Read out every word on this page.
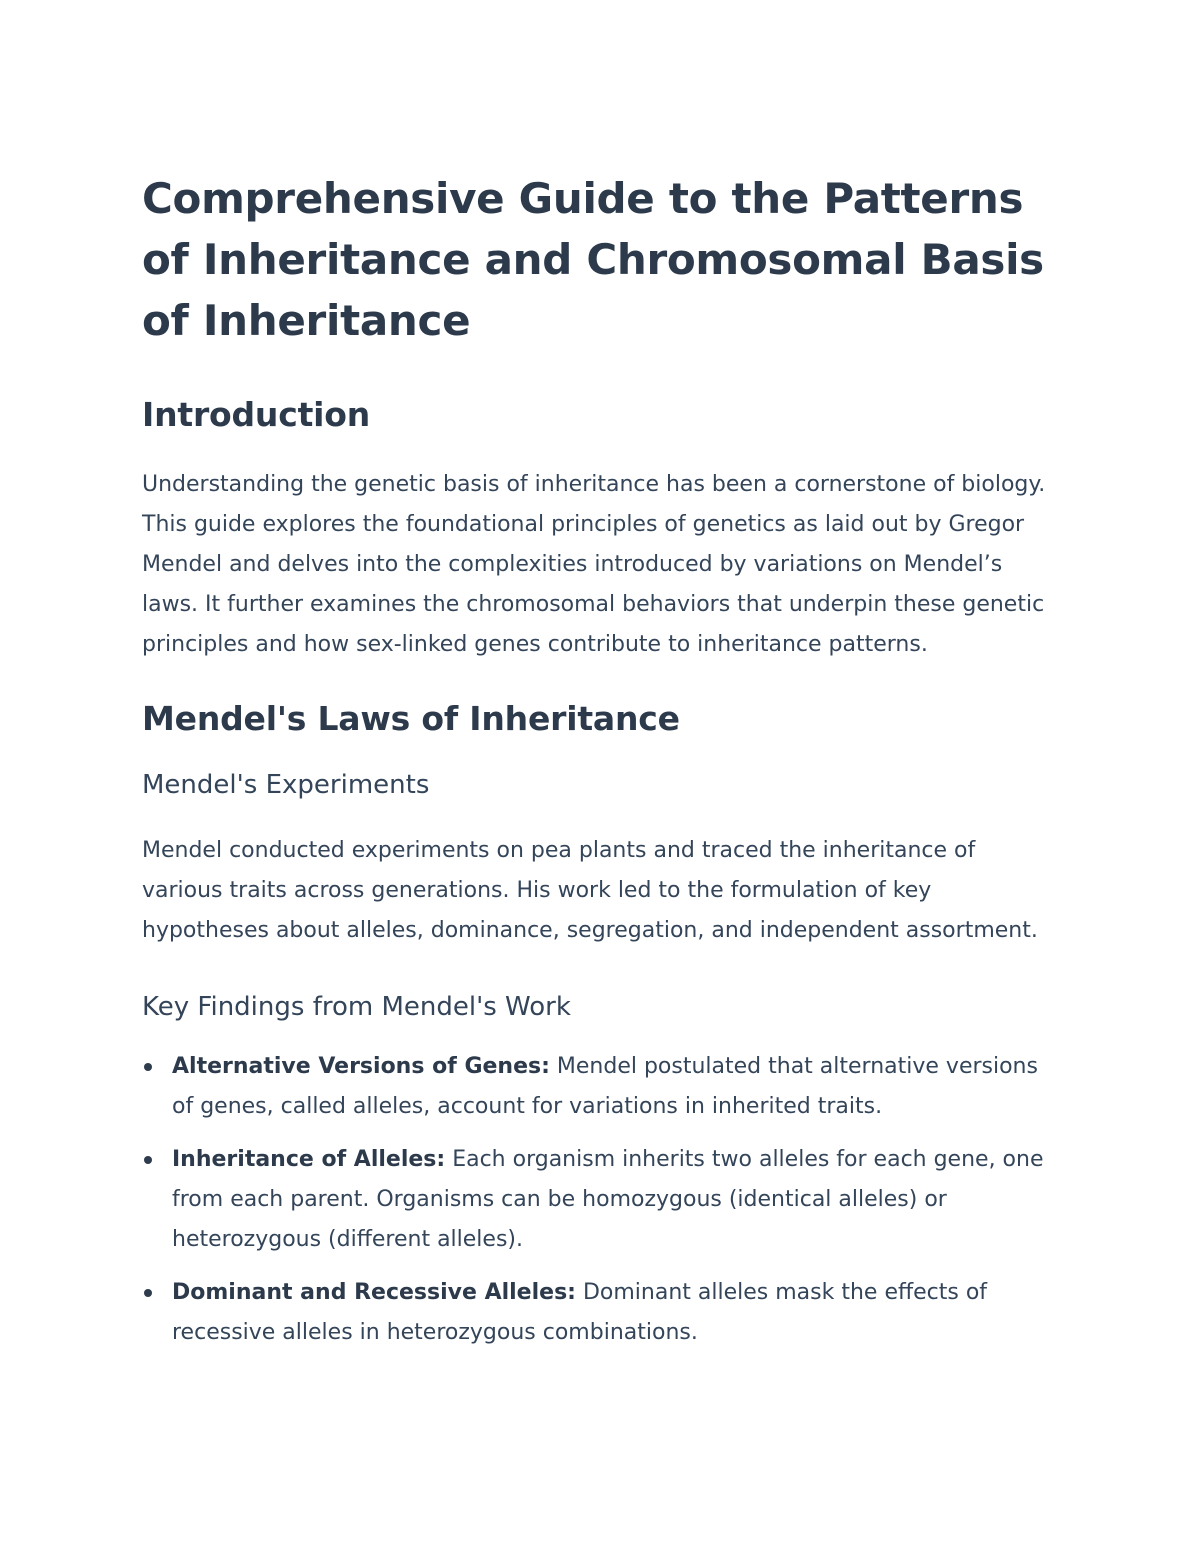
Comprehensive Guide to the Patterns of Inheritance and Chromosomal Basis of Inheritance
Introduction

Understanding the genetic basis of inheritance has been a cornerstone of biology. This guide explores the foundational principles of genetics as laid out by Gregor Mendel and delves into the complexities introduced by variations on Mendel’s laws. It further examines the chromosomal behaviors that underpin these genetic principles and how sex-linked genes contribute to inheritance patterns.

Mendel's Laws of Inheritance
Mendel's Experiments

Mendel conducted experiments on pea plants and traced the inheritance of various traits across generations. His work led to the formulation of key hypotheses about alleles, dominance, segregation, and independent assortment.

Key Findings from Mendel's Work
Alternative Versions of Genes: Mendel postulated that alternative versions of genes, called alleles, account for variations in inherited traits.
Inheritance of Alleles: Each organism inherits two alleles for each gene, one from each parent. Organisms can be homozygous (identical alleles) or heterozygous (different alleles).
Dominant and Recessive Alleles: Dominant alleles mask the effects of recessive alleles in heterozygous combinations.
